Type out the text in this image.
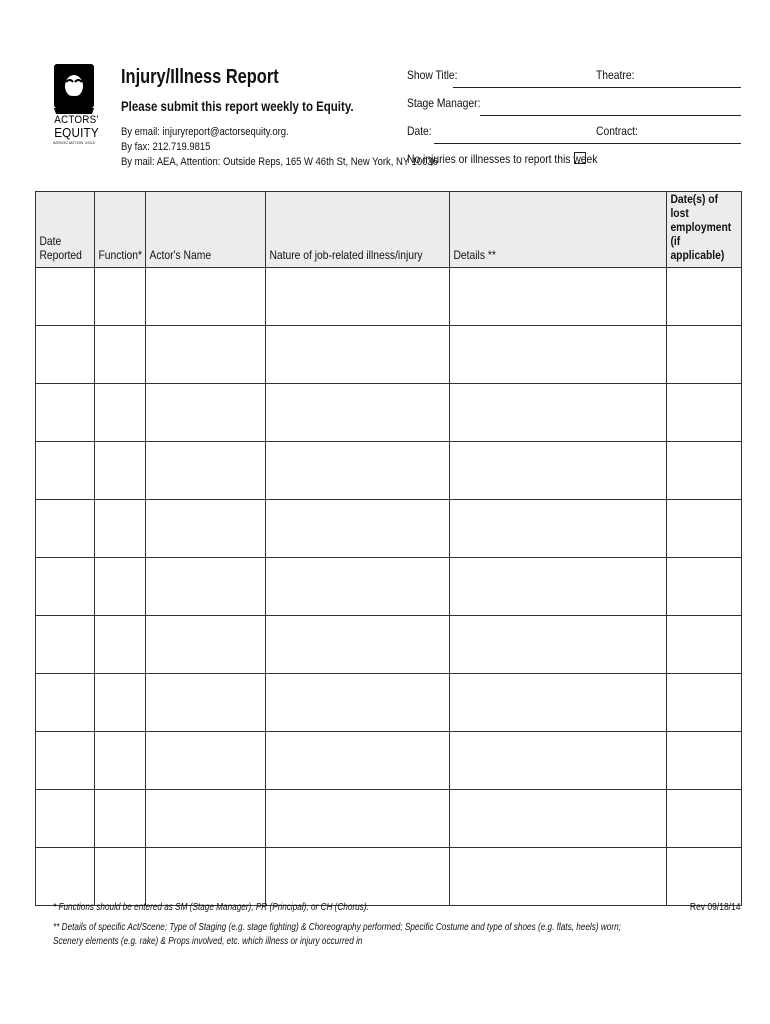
ACTORS'
EQUITY
ASSOCIATION 1913
Injury/Illness Report
Please submit this report weekly to Equity.
By email: injuryreport@actorsequity.org.
By fax: 212.719.9815
By mail: AEA, Attention: Outside Reps, 165 W 46th St, New York, NY 10036
Show Title:	Theatre:
Stage Manager:
Date:	Contract:
No injuries or illnesses to report this week
Date
Reported	Function*	Actor's Name	Nature of job-related illness/injury	Details **	Date(s) of lost
employment (if
applicable)

* Functions should be entered as SM (Stage Manager), PR (Principal), or CH (Chorus).	Rev 09/18/14
** Details of specific Act/Scene; Type of Staging (e.g. stage fighting) & Choreography performed; Specific Costume and type of shoes (e.g. flats, heels) worn;
Scenery elements (e.g. rake) & Props involved, etc. which illness or injury occurred in
